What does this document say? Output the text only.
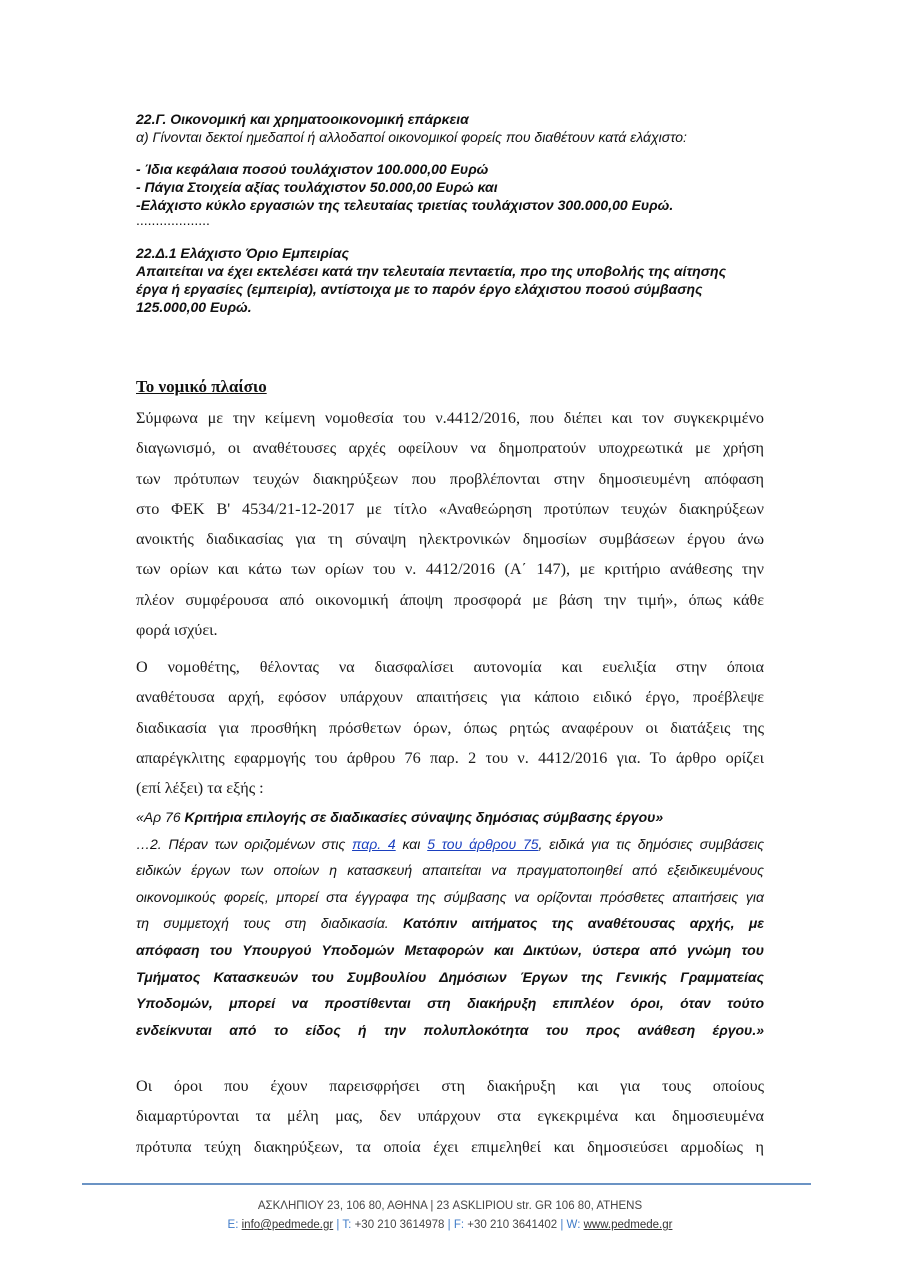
22.Γ. Οικονομική και χρηματοοικονομική επάρκεια
α) Γίνονται δεκτοί ημεδαποί ή αλλοδαποί οικονομικοί φορείς που διαθέτουν κατά ελάχιστο:
- Ίδια κεφάλαια ποσού τουλάχιστον 100.000,00 Ευρώ
- Πάγια Στοιχεία αξίας τουλάχιστον 50.000,00 Ευρώ και
-Ελάχιστο κύκλο εργασιών της τελευταίας τριετίας τουλάχιστον 300.000,00 Ευρώ.
...................
22.Δ.1 Ελάχιστο Όριο Εμπειρίας
Απαιτείται να έχει εκτελέσει κατά την τελευταία πενταετία, προ της υποβολής της αίτησης
έργα ή εργασίες (εμπειρία), αντίστοιχα με το παρόν έργο ελάχιστου ποσού σύμβασης
125.000,00 Ευρώ.
Το νομικό πλαίσιο
Σύμφωνα με την κείμενη νομοθεσία του ν.4412/2016, που διέπει και τον συγκεκριμένο
διαγωνισμό, οι αναθέτουσες αρχές οφείλουν να δημοπρατούν υποχρεωτικά με χρήση
των πρότυπων τευχών διακηρύξεων που προβλέπονται στην δημοσιευμένη απόφαση
στο ΦΕΚ Β' 4534/21-12-2017 με τίτλο «Αναθεώρηση προτύπων τευχών διακηρύξεων
ανοικτής διαδικασίας για τη σύναψη ηλεκτρονικών δημοσίων συμβάσεων έργου άνω
των ορίων και κάτω των ορίων του ν. 4412/2016 (Α΄ 147), με κριτήριο ανάθεσης την
πλέον συμφέρουσα από οικονομική άποψη προσφορά με βάση την τιμή», όπως κάθε
φορά ισχύει.
Ο νομοθέτης, θέλοντας να διασφαλίσει αυτονομία και ευελιξία στην όποια
αναθέτουσα αρχή, εφόσον υπάρχουν απαιτήσεις για κάποιο ειδικό έργο, προέβλεψε
διαδικασία για προσθήκη πρόσθετων όρων, όπως ρητώς αναφέρουν οι διατάξεις της
απαρέγκλιτης εφαρμογής του άρθρου 76 παρ. 2 του ν. 4412/2016 για. Το άρθρο ορίζει
(επί λέξει) τα εξής :
«Αρ 76 Κριτήρια επιλογής σε διαδικασίες σύναψης δημόσιας σύμβασης έργου»
…2. Πέραν των οριζομένων στις παρ. 4 και 5 του άρθρου 75, ειδικά για τις δημόσιες συμβάσεις
ειδικών έργων των οποίων η κατασκευή απαιτείται να πραγματοποιηθεί από εξειδικευμένους
οικονομικούς φορείς, μπορεί στα έγγραφα της σύμβασης να ορίζονται πρόσθετες απαιτήσεις για
τη συμμετοχή τους στη διαδικασία. Κατόπιν αιτήματος της αναθέτουσας αρχής, με
απόφαση του Υπουργού Υποδομών Μεταφορών και Δικτύων, ύστερα από γνώμη του
Τμήματος Κατασκευών του Συμβουλίου Δημόσιων Έργων της Γενικής Γραμματείας
Υποδομών, μπορεί να προστίθενται στη διακήρυξη επιπλέον όροι, όταν τούτο
ενδείκνυται από το είδος ή την πολυπλοκότητα του προς ανάθεση έργου.»
Οι όροι που έχουν παρεισφρήσει στη διακήρυξη και για τους οποίους
διαμαρτύρονται τα μέλη μας, δεν υπάρχουν στα εγκεκριμένα και δημοσιευμένα
πρότυπα τεύχη διακηρύξεων, τα οποία έχει επιμεληθεί και δημοσιεύσει αρμοδίως η
ΑΣΚΛΗΠΙΟΥ 23, 106 80, ΑΘΗΝΑ | 23 ASKLIPIOU str. GR 106 80, ATHENS
E: info@pedmede.gr | T: +30 210 3614978 | F: +30 210 3641402 | W: www.pedmede.gr
